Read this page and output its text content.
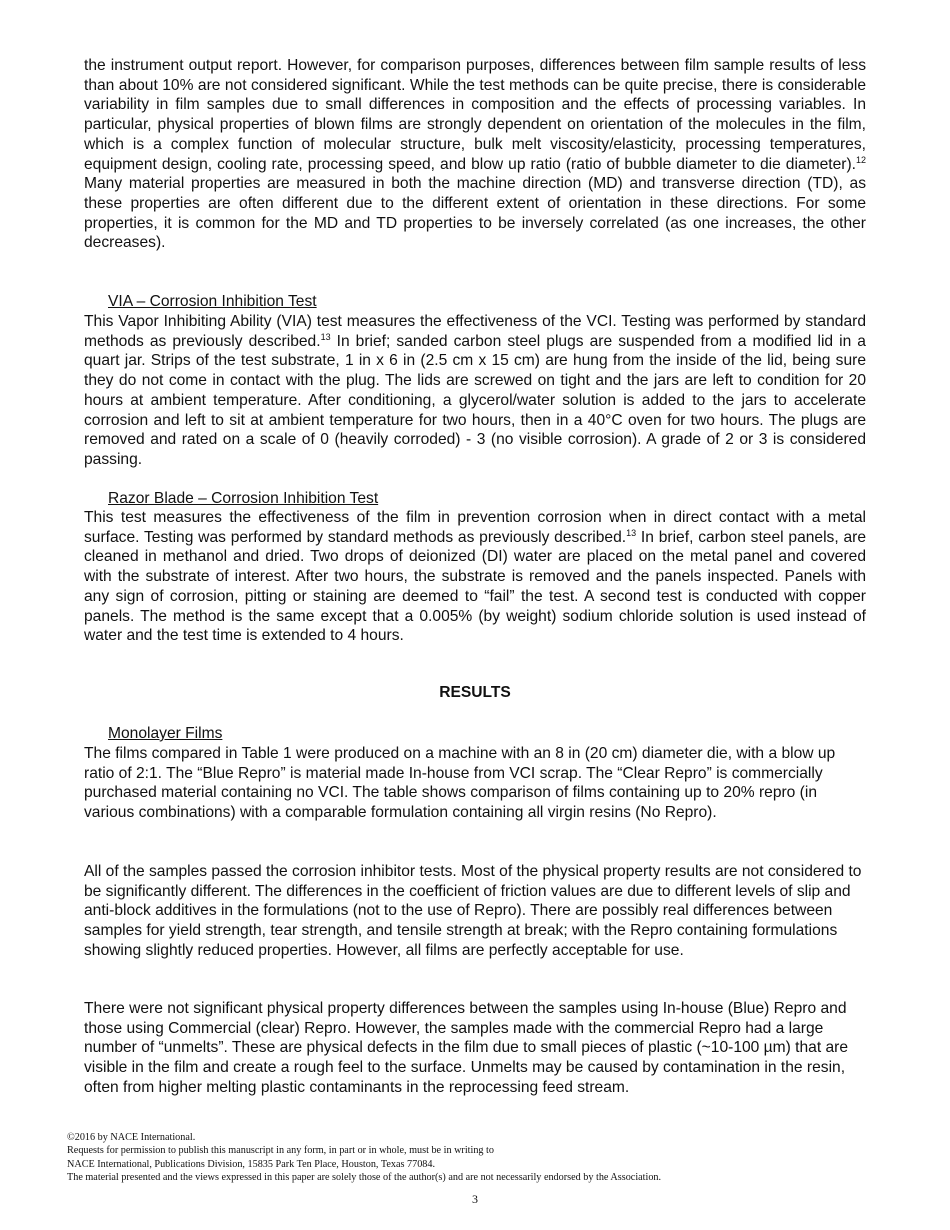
the instrument output report. However, for comparison purposes, differences between film sample results of less than about 10% are not considered significant. While the test methods can be quite precise, there is considerable variability in film samples due to small differences in composition and the effects of processing variables. In particular, physical properties of blown films are strongly dependent on orientation of the molecules in the film, which is a complex function of molecular structure, bulk melt viscosity/elasticity, processing temperatures, equipment design, cooling rate, processing speed, and blow up ratio (ratio of bubble diameter to die diameter).$^{12}$ Many material properties are measured in both the machine direction (MD) and transverse direction (TD), as these properties are often different due to the different extent of orientation in these directions. For some properties, it is common for the MD and TD properties to be inversely correlated (as one increases, the other decreases).

VIA – Corrosion Inhibition Test

This Vapor Inhibiting Ability (VIA) test measures the effectiveness of the VCI. Testing was performed by standard methods as previously described.$^{13}$ In brief; sanded carbon steel plugs are suspended from a modified lid in a quart jar. Strips of the test substrate, 1 in x 6 in (2.5 cm x 15 cm) are hung from the inside of the lid, being sure they do not come in contact with the plug. The lids are screwed on tight and the jars are left to condition for 20 hours at ambient temperature. After conditioning, a glycerol/water solution is added to the jars to accelerate corrosion and left to sit at ambient temperature for two hours, then in a 40°C oven for two hours. The plugs are removed and rated on a scale of 0 (heavily corroded) - 3 (no visible corrosion). A grade of 2 or 3 is considered passing.

Razor Blade – Corrosion Inhibition Test

This test measures the effectiveness of the film in prevention corrosion when in direct contact with a metal surface. Testing was performed by standard methods as previously described.$^{13}$ In brief, carbon steel panels, are cleaned in methanol and dried. Two drops of deionized (DI) water are placed on the metal panel and covered with the substrate of interest. After two hours, the substrate is removed and the panels inspected. Panels with any sign of corrosion, pitting or staining are deemed to “fail” the test. A second test is conducted with copper panels. The method is the same except that a 0.005% (by weight) sodium chloride solution is used instead of water and the test time is extended to 4 hours.

RESULTS

Monolayer Films

The films compared in Table 1 were produced on a machine with an 8 in (20 cm) diameter die, with a blow up ratio of 2:1. The “Blue Repro” is material made In-house from VCI scrap. The “Clear Repro” is commercially purchased material containing no VCI. The table shows comparison of films containing up to 20% repro (in various combinations) with a comparable formulation containing all virgin resins (No Repro).

All of the samples passed the corrosion inhibitor tests. Most of the physical property results are not considered to be significantly different. The differences in the coefficient of friction values are due to different levels of slip and anti-block additives in the formulations (not to the use of Repro). There are possibly real differences between samples for yield strength, tear strength, and tensile strength at break; with the Repro containing formulations showing slightly reduced properties. However, all films are perfectly acceptable for use.

There were not significant physical property differences between the samples using In-house (Blue) Repro and those using Commercial (clear) Repro. However, the samples made with the commercial Repro had a large number of “unmelts”. These are physical defects in the film due to small pieces of plastic (~10-100 µm) that are visible in the film and create a rough feel to the surface. Unmelts may be caused by contamination in the resin, often from higher melting plastic contaminants in the reprocessing feed stream.

©2016 by NACE International.
Requests for permission to publish this manuscript in any form, in part or in whole, must be in writing to
NACE International, Publications Division, 15835 Park Ten Place, Houston, Texas 77084.
The material presented and the views expressed in this paper are solely those of the author(s) and are not necessarily endorsed by the Association.
3
